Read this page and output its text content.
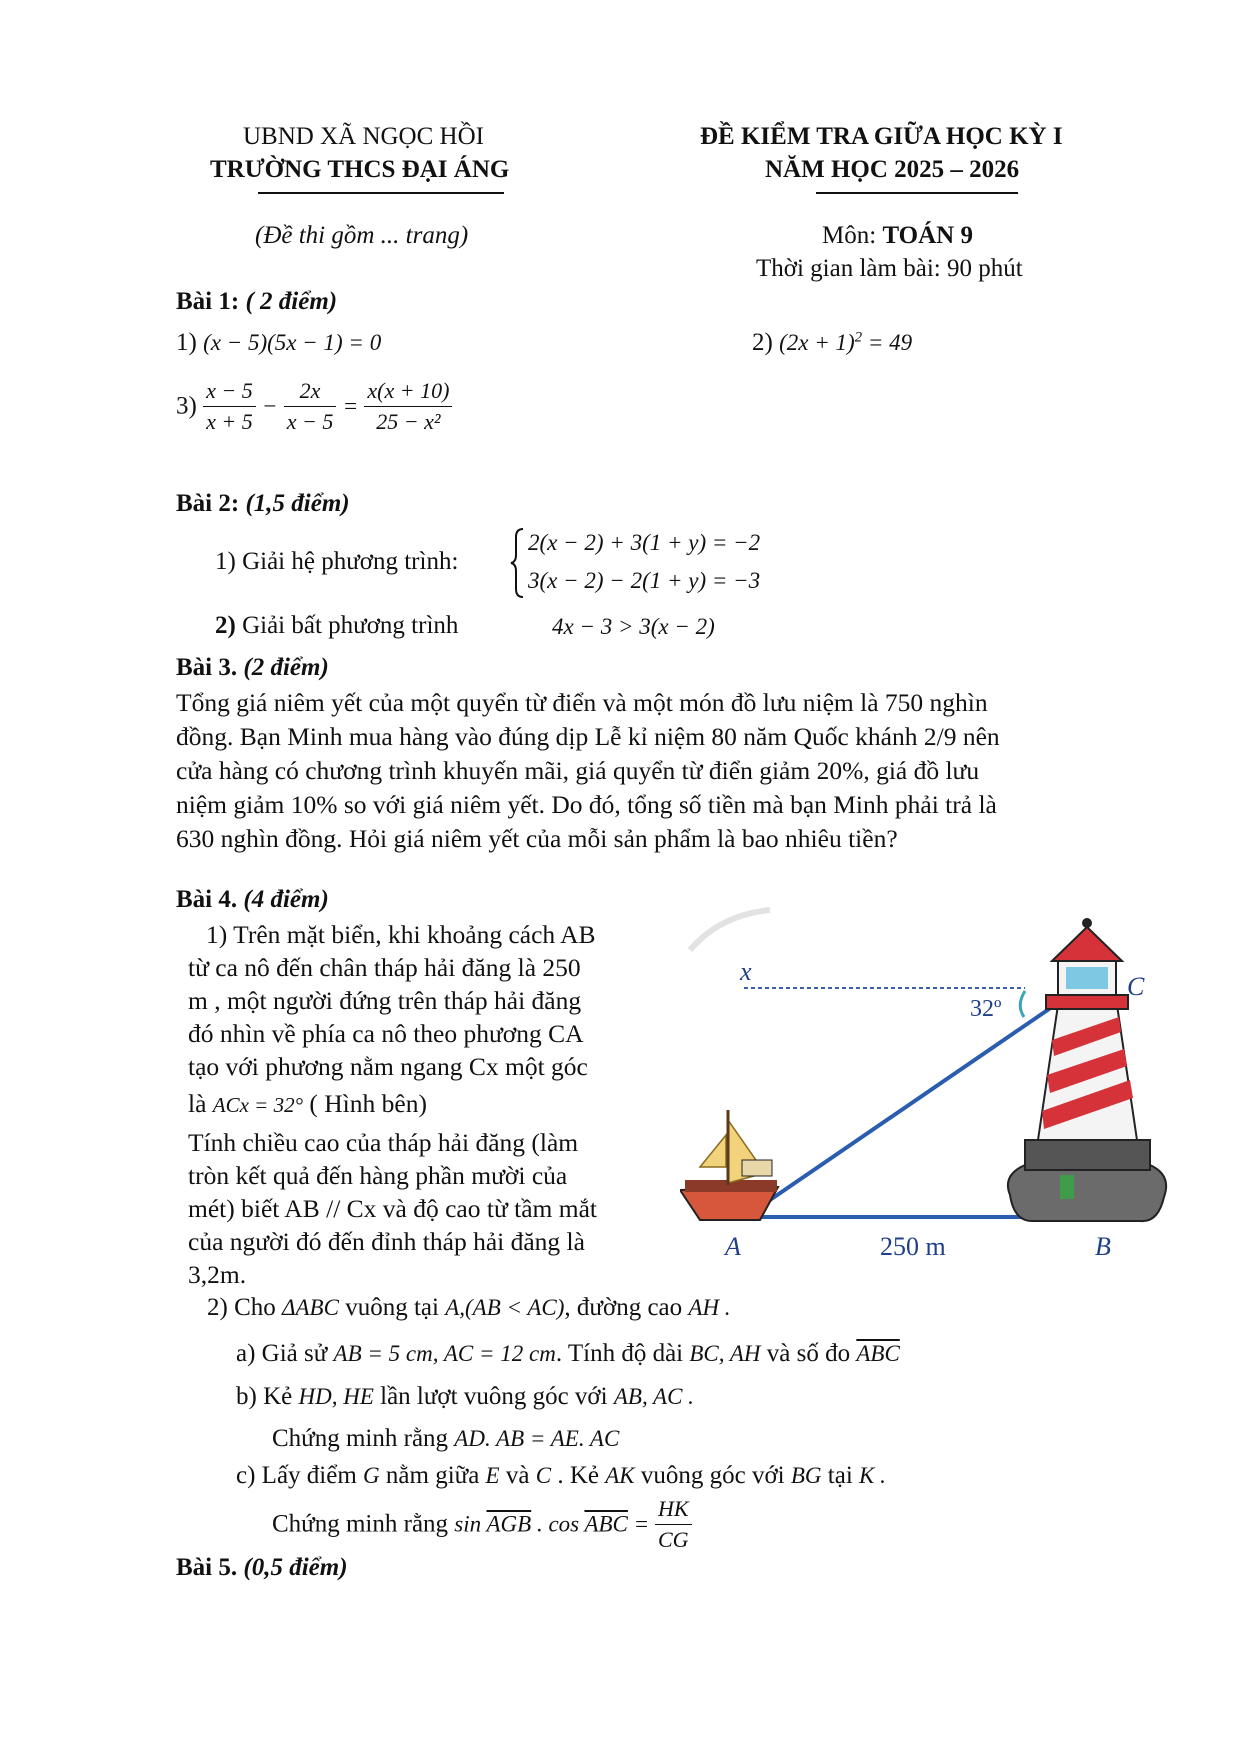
UBND XÃ NGỌC HỒI
TRƯỜNG THCS ĐẠI ÁNG
ĐỀ KIỂM TRA GIỮA HỌC KỲ I
NĂM HỌC 2025 – 2026
(Đề thi gồm ... trang)	Môn: TOÁN 9
Thời gian làm bài: 90 phút
Bài 1: ( 2 điểm)
1) (x − 5)(5x − 1) = 0	2) $(2x + 1)^2 = 49$
$3) \frac{x - 5}{x + 5} - \frac{2x}{x - 5} = \frac{x(x + 10)}{\text{25 − x²}}$
Bài 2: (1,5 điểm)
1) Giải hệ phương trình:
2(x − 2) + 3(1 + y) = −2
3(x − 2) − 2(1 + y) = −3
2) Giải bất phương trình	4x − 3 > 3(x − 2)
Bài 3. (2 điểm)
Tổng giá niêm yết của một quyển từ điển và một món đồ lưu niệm là 750 nghìn
đồng. Bạn Minh mua hàng vào đúng dịp Lễ kỉ niệm 80 năm Quốc khánh 2/9 nên
cửa hàng có chương trình khuyến mãi, giá quyển từ điển giảm 20%, giá đồ lưu
niệm giảm 10% so với giá niêm yết. Do đó, tổng số tiền mà bạn Minh phải trả là
630 nghìn đồng. Hỏi giá niêm yết của mỗi sản phẩm là bao nhiêu tiền?
Bài 4. (4 điểm)
1) Trên mặt biển, khi khoảng cách AB
từ ca nô đến chân tháp hải đăng là 250
m , một người đứng trên tháp hải đăng
đó nhìn về phía ca nô theo phương CA
tạo với phương nằm ngang Cx một góc
là ACx = 32° ( Hình bên)
Tính chiều cao của tháp hải đăng (làm
tròn kết quả đến hàng phần mười của
mét) biết AB // Cx và độ cao từ tầm mắt
của người đó đến đỉnh tháp hải đăng là
3,2m.
x
C
32º
A	250 m	B
2) Cho ΔABC vuông tại A,(AB < AC), đường cao AH .
a) Giả sử AB = 5 cm, AC = 12 cm. Tính độ dài BC, AH và số đo $\overline{ABC}$
b) Kẻ HD, HE lần lượt vuông góc với AB, AC .
Chứng minh rằng AD. AB = AE. AC
c) Lấy điểm G nằm giữa E và C . Kẻ AK vuông góc với BG tại K .
Chứng minh rằng $\sin \overline{AGB}$ . $\cos \overline{ABC} = \frac{HK}{CG}$
Bài 5. (0,5 điểm)
